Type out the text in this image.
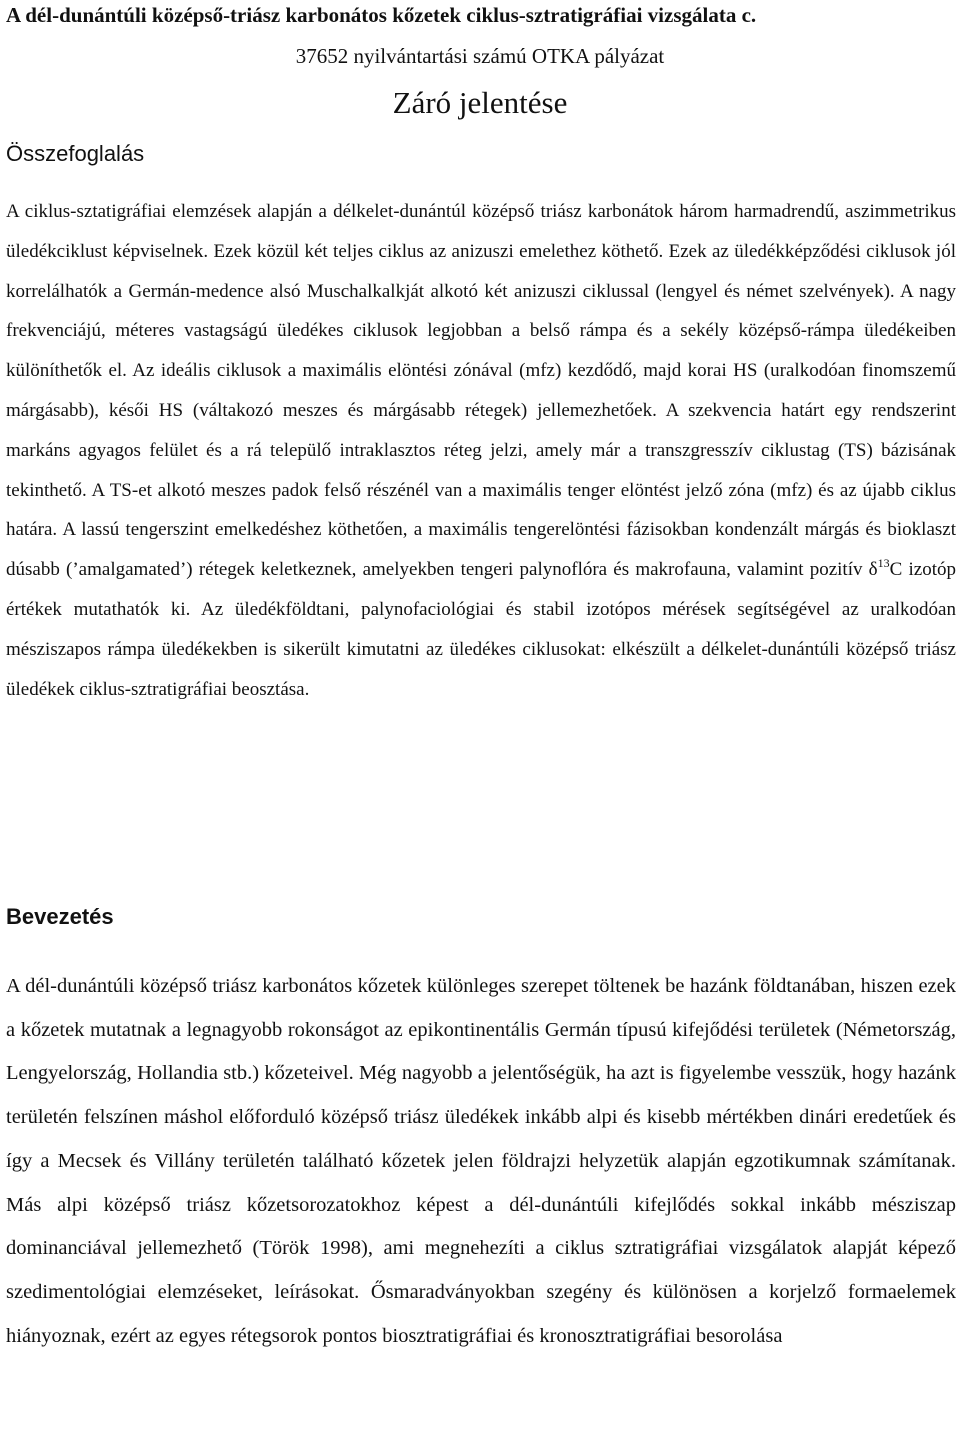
A dél-dunántúli középső-triász karbonátos kőzetek ciklus-sztratigráfiai vizsgálata c.
37652 nyilvántartási számú OTKA pályázat
Záró jelentése
Összefoglalás

A ciklus-sztatigráfiai elemzések alapján a délkelet-dunántúl középső triász karbonátok három harmadrendű, aszimmetrikus üledékciklust képviselnek. Ezek közül két teljes ciklus az anizuszi emelethez köthető. Ezek az üledékképződési ciklusok jól korrelálhatók a Germán-medence alsó Muschalkalkját alkotó két anizuszi ciklussal (lengyel és német szelvények). A nagy frekvenciájú, méteres vastagságú üledékes ciklusok legjobban a belső rámpa és a sekély középső-rámpa üledékeiben különíthetők el. Az ideális ciklusok a maximális elöntési zónával (mfz) kezdődő, majd korai HS (uralkodóan finomszemű márgásabb), késői HS (váltakozó meszes és márgásabb rétegek) jellemezhetőek. A szekvencia határt egy rendszerint markáns agyagos felület és a rá települő intraklasztos réteg jelzi, amely már a transzgresszív ciklustag (TS) bázisának tekinthető. A TS-et alkotó meszes padok felső részénél van a maximális tenger elöntést jelző zóna (mfz) és az újabb ciklus határa. A lassú tengerszint emelkedéshez köthetően, a maximális tengerelöntési fázisokban kondenzált márgás és bioklaszt dúsabb (’amalgamated’) rétegek keletkeznek, amelyekben tengeri palynoflóra és makrofauna, valamint pozitív $\delta^{13}C$ izotóp értékek mutathatók ki. Az üledékföldtani, palynofaciológiai és stabil izotópos mérések segítségével az uralkodóan mésziszapos rámpa üledékekben is sikerült kimutatni az üledékes ciklusokat: elkészült a délkelet-dunántúli középső triász üledékek ciklus-sztratigráfiai beosztása.

Bevezetés

A dél-dunántúli középső triász karbonátos kőzetek különleges szerepet töltenek be hazánk földtanában, hiszen ezek a kőzetek mutatnak a legnagyobb rokonságot az epikontinentális Germán típusú kifejődési területek (Németország, Lengyelország, Hollandia stb.) kőzeteivel. Még nagyobb a jelentőségük, ha azt is figyelembe vesszük, hogy hazánk területén felszínen máshol előforduló középső triász üledékek inkább alpi és kisebb mértékben dinári eredetűek és így a Mecsek és Villány területén található kőzetek jelen földrajzi helyzetük alapján egzotikumnak számítanak. Más alpi középső triász kőzetsorozatokhoz képest a dél-dunántúli kifejlődés sokkal inkább mésziszap dominanciával jellemezhető (Török 1998), ami megnehezíti a ciklus sztratigráfiai vizsgálatok alapját képező szedimentológiai elemzéseket, leírásokat. Ősmaradványokban szegény és különösen a korjelző formaelemek hiányoznak, ezért az egyes rétegsorok pontos biosztratigráfiai és kronosztratigráfiai besorolása
